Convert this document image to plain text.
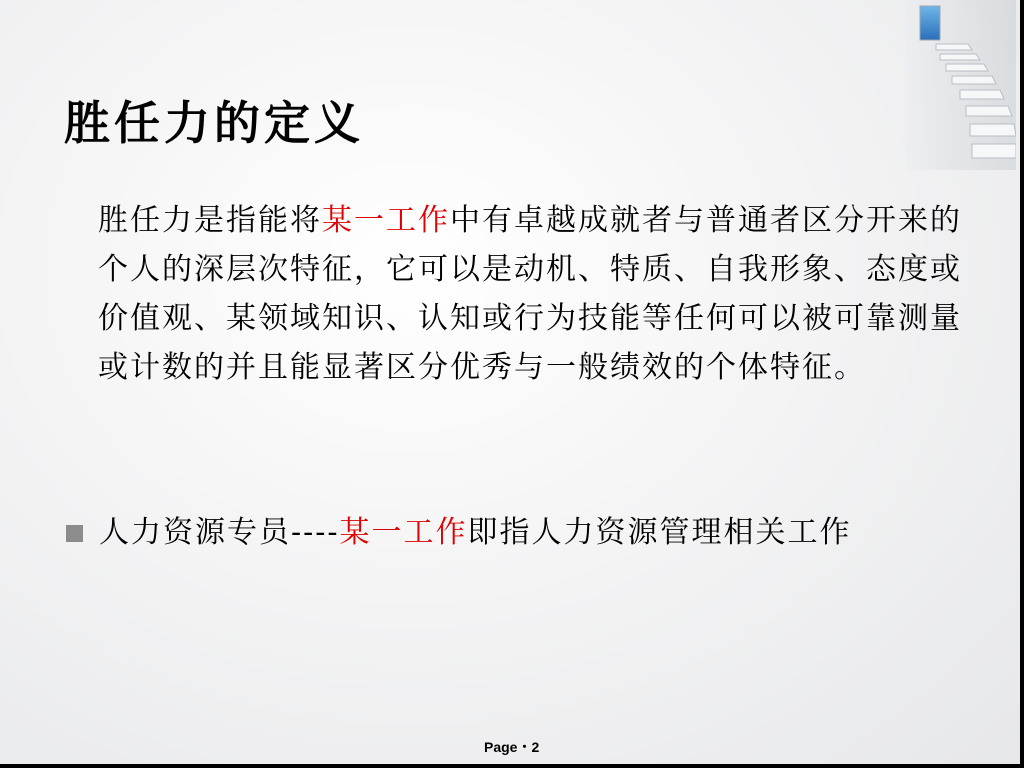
胜任力的定义
胜任力是指能将某一工作中有卓越成就者与普通者区分开来的个人的深层次特征，它可以是动机、特质、自我形象、态度或价值观、某领域知识、认知或行为技能等任何可以被可靠测量或计数的并且能显著区分优秀与一般绩效的个体特征。
人力资源专员---- 某一工作 即指人力资源管理相关工作
Page・2
